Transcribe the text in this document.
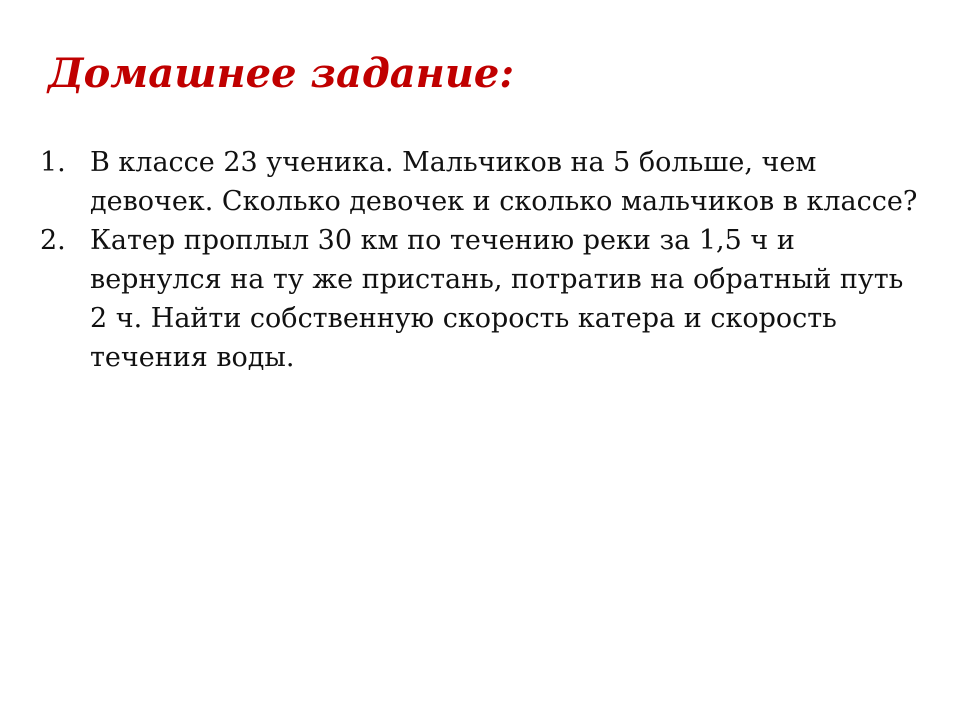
Домашнее задание:
1. В классе 23 ученика. Мальчиков на 5 больше, чем девочек. Сколько девочек и сколько мальчиков в классе?
2. Катер проплыл 30 км по течению реки за 1,5 ч и вернулся на ту же пристань, потратив на обратный путь 2 ч. Найти собственную скорость катера и скорость течения воды.
